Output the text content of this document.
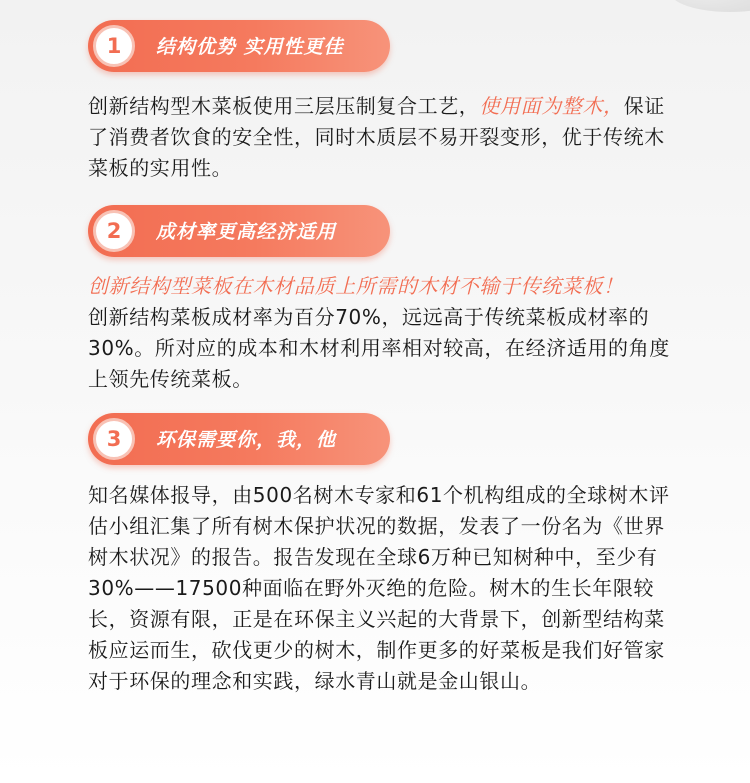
1 结构优势 实用性更佳

创新结构型木菜板使用三层压制复合工艺，使用面为整木，保证了消费者饮食的安全性，同时木质层不易开裂变形，优于传统木菜板的实用性。

2 成材率更高经济适用

创新结构型菜板在木材品质上所需的木材不输于传统菜板！

创新结构菜板成材率为百分70%，远远高于传统菜板成材率的30%。所对应的成本和木材利用率相对较高，在经济适用的角度上领先传统菜板。

3 环保需要你，我，他

知名媒体报导，由500名树木专家和61个机构组成的全球树木评估小组汇集了所有树木保护状况的数据，发表了一份名为《世界树木状况》的报告。报告发现在全球6万种已知树种中，至少有30%——17500种面临在野外灭绝的危险。树木的生长年限较长，资源有限，正是在环保主义兴起的大背景下，创新型结构菜板应运而生，砍伐更少的树木，制作更多的好菜板是我们好管家对于环保的理念和实践，绿水青山就是金山银山。
